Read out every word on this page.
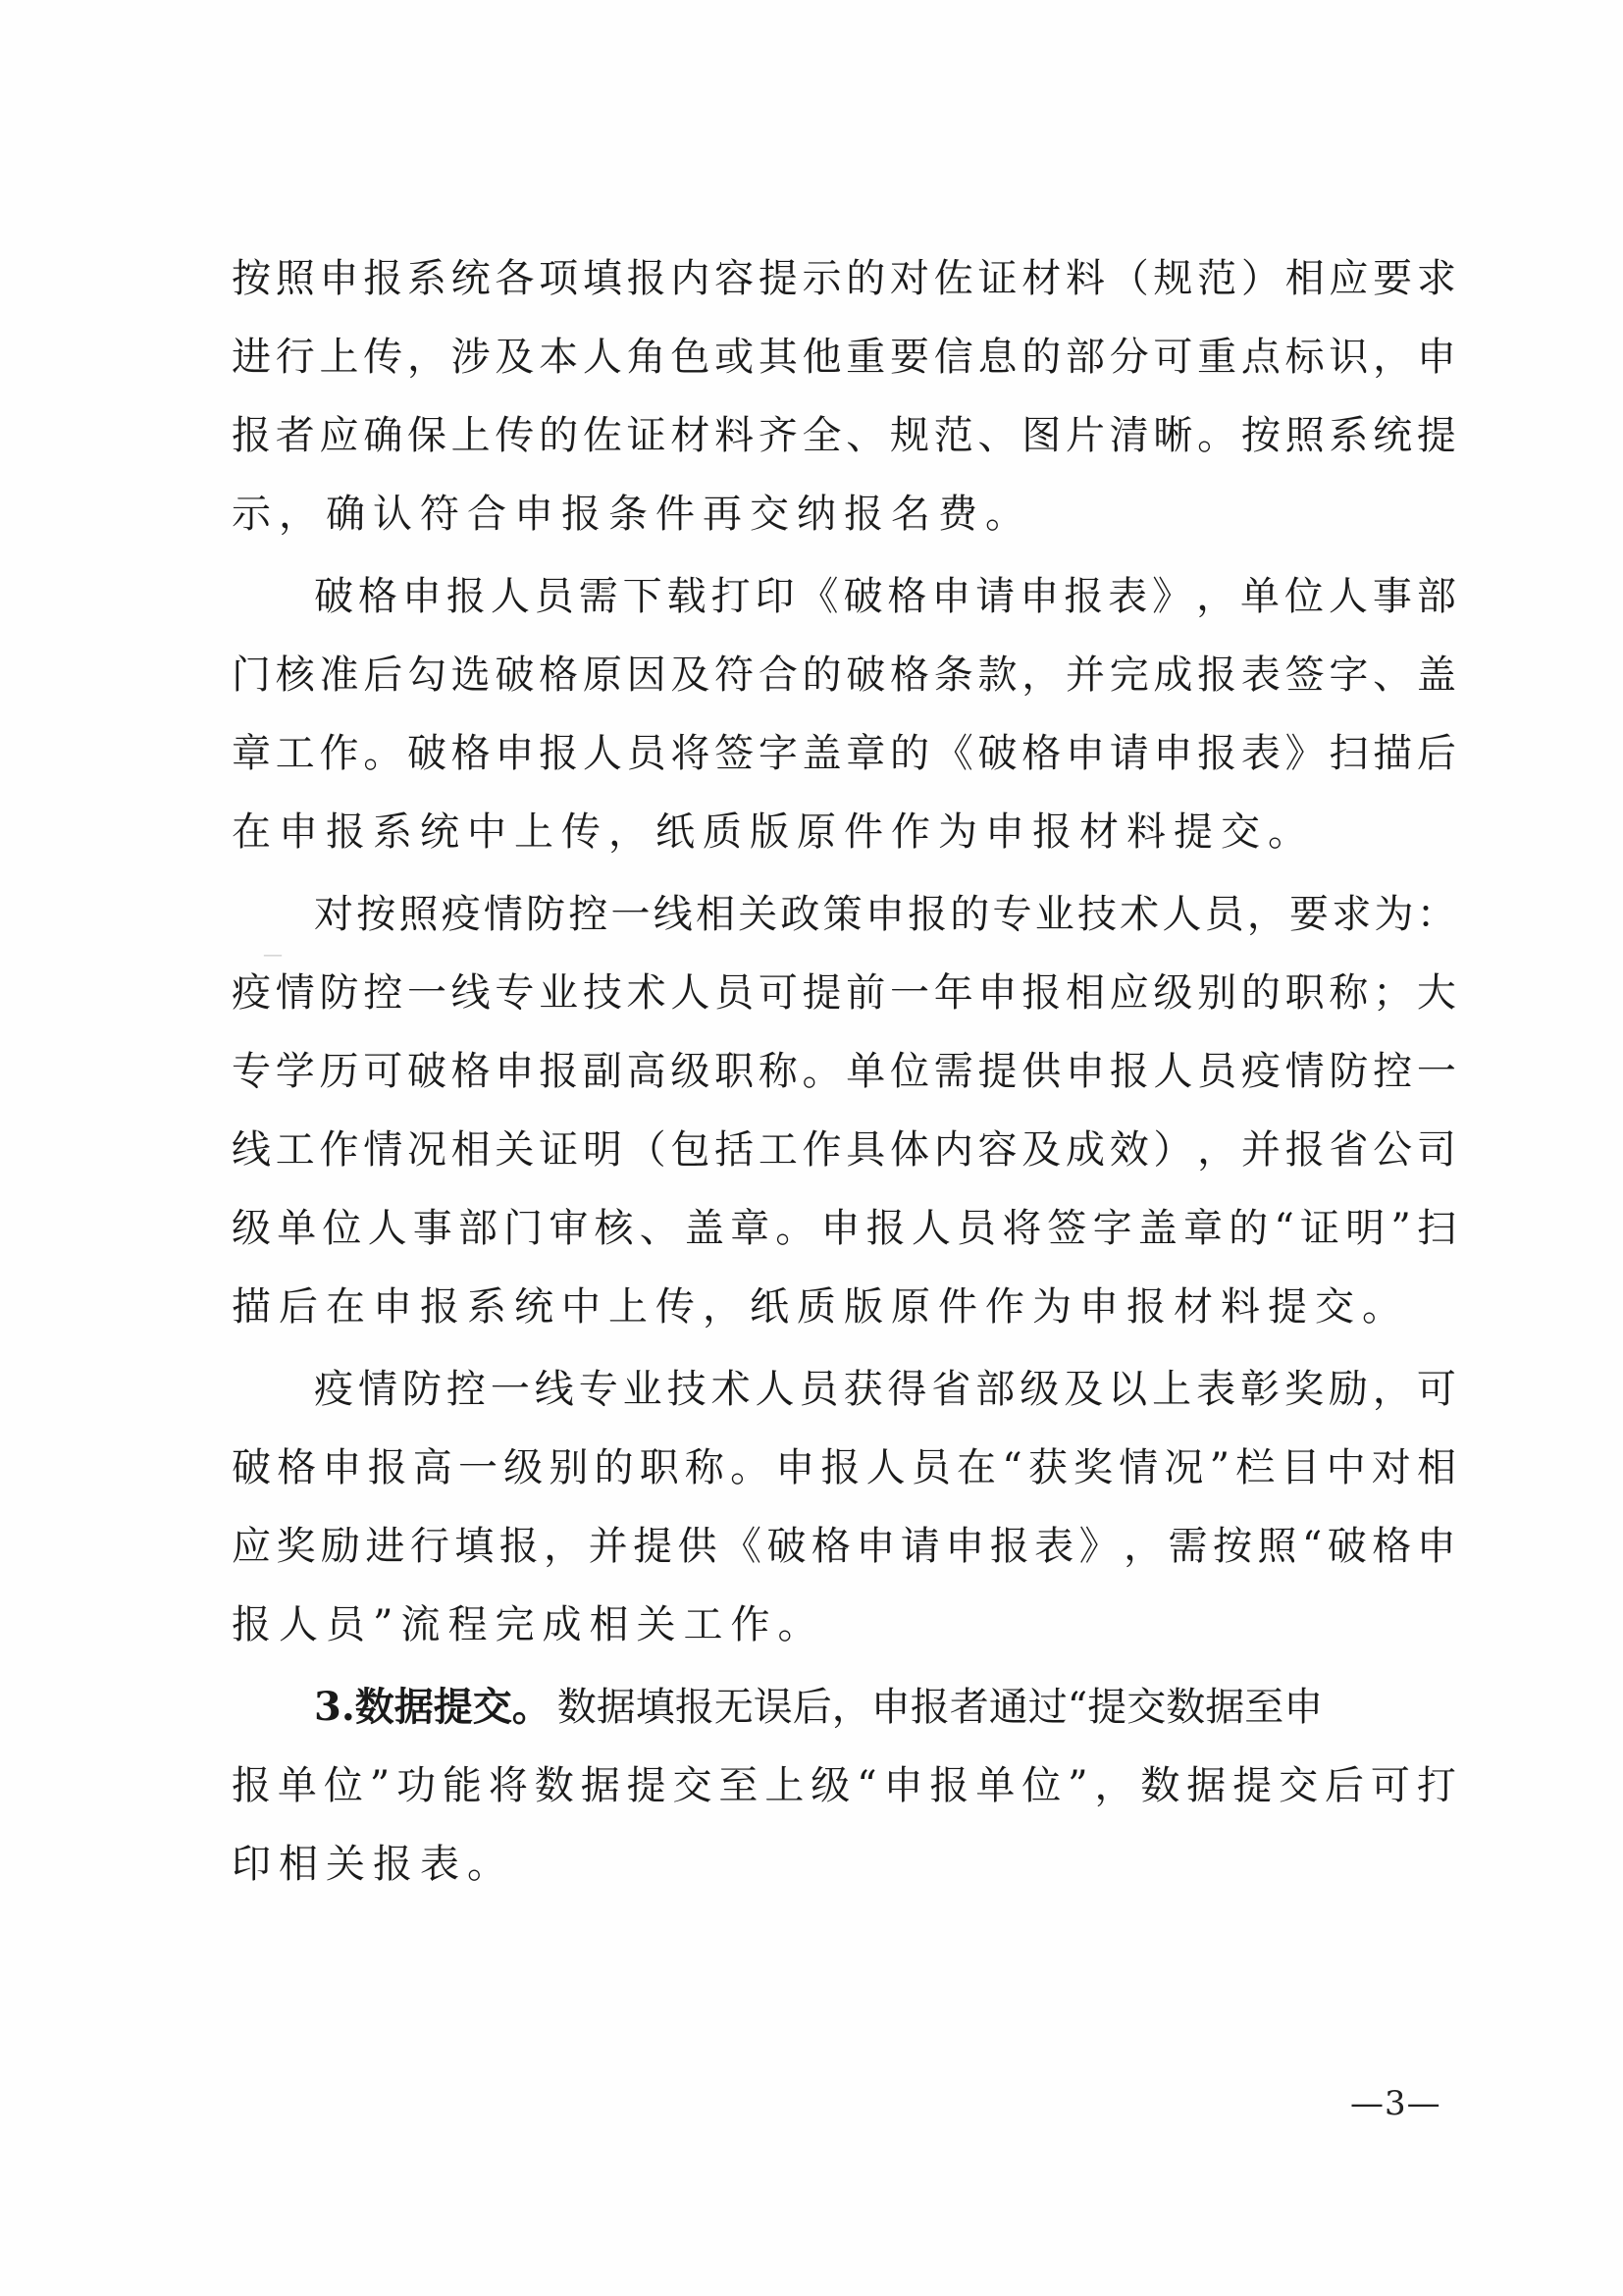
—
按 照 申 报 系 统 各 项 填 报 内 容 提 示 的 对 佐 证 材 料 （ 规 范 ） 相 应 要 求
进 行 上 传 ， 涉 及 本 人 角 色 或 其 他 重 要 信 息 的 部 分 可 重 点 标 识 ， 申
报 者 应 确 保 上 传 的 佐 证 材 料 齐 全 、 规 范 、 图 片 清 晰 。 按 照 系 统 提
示，确认符合申报条件再交纳报名费。
破 格 申 报 人 员 需 下 载 打 印 《 破 格 申 请 申 报 表 》 ， 单 位 人 事 部
门 核 准 后 勾 选 破 格 原 因 及 符 合 的 破 格 条 款 ， 并 完 成 报 表 签 字 、 盖
章 工 作 。 破 格 申 报 人 员 将 签 字 盖 章 的 《 破 格 申 请 申 报 表 》 扫 描 后
在申报系统中上传，纸质版原件作为申报材料提交。
对 按 照 疫 情 防 控 一 线 相 关 政 策 申 报 的 专 业 技 术 人 员 ， 要 求 为 ：
疫 情 防 控 一 线 专 业 技 术 人 员 可 提 前 一 年 申 报 相 应 级 别 的 职 称 ； 大
专 学 历 可 破 格 申 报 副 高 级 职 称 。 单 位 需 提 供 申 报 人 员 疫 情 防 控 一
线 工 作 情 况 相 关 证 明 （ 包 括 工 作 具 体 内 容 及 成 效 ） ， 并 报 省 公 司
级 单 位 人 事 部 门 审 核 、 盖 章 。 申 报 人 员 将 签 字 盖 章 的 “ 证 明 ” 扫
描后在申报系统中上传，纸质版原件作为申报材料提交。
疫 情 防 控 一 线 专 业 技 术 人 员 获 得 省 部 级 及 以 上 表 彰 奖 励 ， 可
破 格 申 报 高 一 级 别 的 职 称 。 申 报 人 员 在 “ 获 奖 情 况 ” 栏 目 中 对 相
应 奖 励 进 行 填 报 ， 并 提 供 《 破 格 申 请 申 报 表 》 ， 需 按 照 “ 破 格 申
报人员”流程完成相关工作。
3.数据提交。 数据填报无误后，申报者通过“提交数据至申
报 单 位 ” 功 能 将 数 据 提 交 至 上 级 “ 申 报 单 位 ” ， 数 据 提 交 后 可 打
印相关报表。
—3—
